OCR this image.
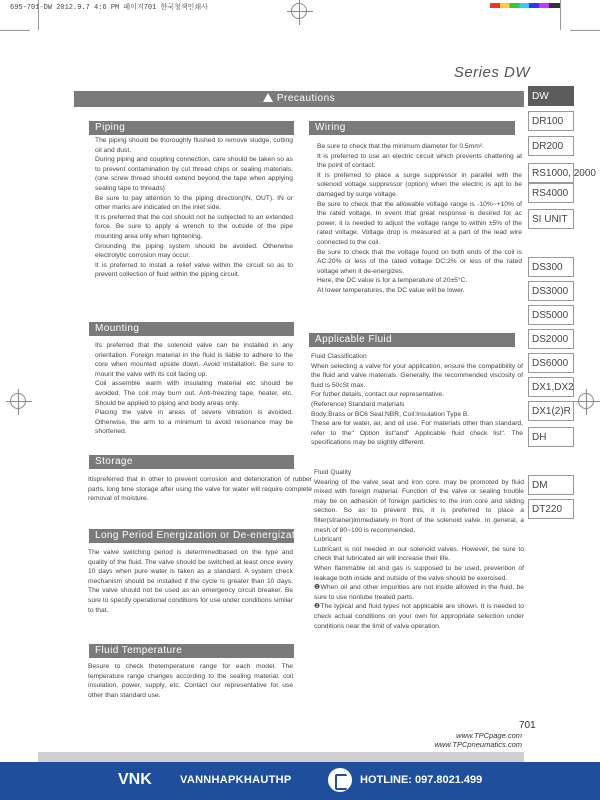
695-701-DW 2012.9.7 4:6 PM 페이지701 한국청색인쇄사
Series DW
DW
DR100
DR200
RS1000, 2000
RS4000
SI UNIT
DS300
DS3000
DS5000
DS2000
DS6000
DX1,DX2
DX1(2)R
DH
DM
DT220
Precautions
Piping

The piping should be thoroughly flushed to remove sludge, cutting oil and dust.

During piping and coupling connection, care should be taken so as to prevent contamination by cut thread chips or sealing materials.(one screw thread should extend beyond the tape when applying sealing tape to threads)

Be sure to pay attention to the piping direction(IN, OUT). IN or other marks are indicated on the inlet side.

It is preferred that the coil should not be subjected to an extended force. Be sure to apply a wrench to the outside of the pipe mounting area only when tightening.

Grounding the piping system should be avoided. Otherwise electrolytic corrosion may occur.

It is preferred to install a relief valve within the circuit so as to prevent collection of fluid within the piping circuit.

Mounting

Its preferred that the solenoid valve can be installed in any orientation. Foreign material in the fluid is liable to adhere to the core when mounted upside down. Avoid installation. Be sure to mount the valve with its coil facing up.

Coil assemble warm with insulating material etc should be avoided. The coil may burn out. Anti-freezing tape, heater, etc. Should be applied to piping and body areas only.

Placing the valve in areas of severe vibration is avoided. Otherwise, the arm to a minimum to avoid resonance may be shortened.

Storage

Itispreferred that in other to prevent corrosion and deterioration of rubber parts, long time storage after using the valve for water will require complete removal of moisture.

Long Period Energization or De-energization

The valve switching period is determinedbased on the type and quality of the fluid. The valve should be switched at least once every 10 days when pure water is taken as a standard. A system check mechanism should be installed if the cycle is greater than 10 days. The valve should not be used as an emergency circuit breaker. Be sure to specify operational conditions for use under conditions similar to that.

Fluid Temperature

Besure to check thetemperature range for each model. The temperature range changes according to the sealing material, coil insulation, power, supply, etc. Contact our representative for use other than standard use.

Wiring

Be sure to check that the minimum diameter for 0.5mm².

It is preferred to use an electric circuit which prevents chattering at the point of contact.

It is preferred to place a surge suppressor in parallel with the solenoid voltage suppressor (option) when the electric is apt to be damaged by surge voltage.

Be sure to check that the allowable voltage range is -10%~+10% of the rated voltage. In event that great response is desired for ac power, it is needed to adjust the voltage range to within ±5% of the rated voltage. Voltage drop is measured at a part of the lead wire connected to the coil.

Be sure to check that the voltage found on both ends of the coil is AC:20% or less of the rated voltage DC:2% or less of the rated voltage when it de-energizes.

Here, the DC value is for a temperature of 20±5°C.

At lower temperatures, the DC value will be lower.

Applicable Fluid

Fluid Classification

When selecting a valve for your application, ensure the compatibility of the fluid and valve materials. Generally, the recommended viscosity of fluid is 50cSt max.

For futher details, contact our representative.

(Reference) Standard materials

Body:Brass or BC6 Seal:NBR, Coil:Insulation Type B.

These are for water, air, and oil use. For materials other than standard, refer to the" Option list"and" Applicable fluid check list". The specifications may be slightly different.

Fluid Quality

Wearing of the valve seat and iron core. may be promoted by fluid mixed with foreign material. Function of the valve or sealing trouble may be on adhesion of foreign particles to the iron core and sliding section. So as to prevent this, it is preferred to place a filter(strainer)immediately in front of the solenoid valve. In general, a mesh of 80~100 is recommended.

Lubricant

Lubricant is not needed in our solenoid valves. However, be sure to check that lubricated air will increase their life.

When flammable oil and gas is supposed to be used, prevention of leakage both inside and outside of the valve should be exercised.

❶When oil and other impurities are not inside allowed in the fluid, be sure to use nonlube treated parts.

❷The typical and fluid types not applicable are shown. It is needed to check actual conditions on your own for appropriate selection under conditions near the limit of valve operation.

701
www.TPCpage.com
www.TPCpneumatics.com
VNK	VANNHAPKHAUTHP	HOTLINE: 097.8021.499
